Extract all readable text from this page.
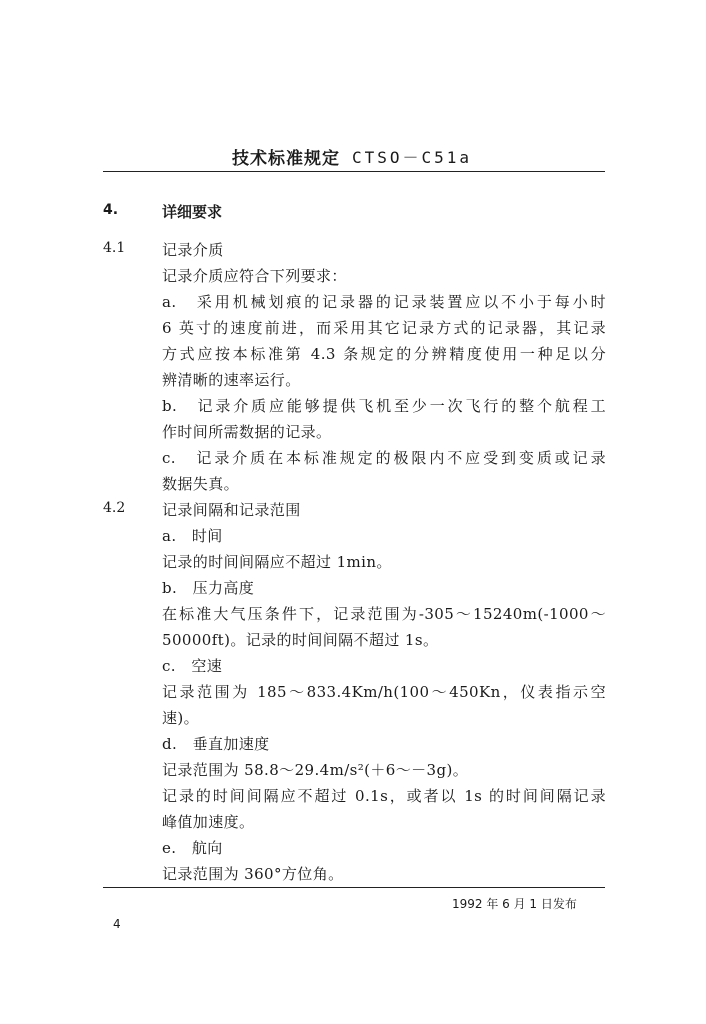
技术标准规定 CTSO－C51a
4.	详细要求
4.1 记录介质
记录介质应符合下列要求：
a.　采用机械划痕的记录器的记录装置应以不小于每小时
6 英寸的速度前进，而采用其它记录方式的记录器，其记录
方式应按本标准第 4.3 条规定的分辨精度使用一种足以分
辨清晰的速率运行。
b.　记录介质应能够提供飞机至少一次飞行的整个航程工
作时间所需数据的记录。
c.　记录介质在本标准规定的极限内不应受到变质或记录
数据失真。
4.2 记录间隔和记录范围
a.　时间
记录的时间间隔应不超过 1min。
b.　压力高度
在标准大气压条件下，记录范围为-305～15240m(-1000～
50000ft)。记录的时间间隔不超过 1s。
c.　空速
记录范围为 185～833.4Km/h(100～450Kn，仪表指示空
速)。
d.　垂直加速度
记录范围为 58.8～29.4m/s²(＋6～－3g)。
记录的时间间隔应不超过 0.1s，或者以 1s 的时间间隔记录
峰值加速度。
e.　航向
记录范围为 360°方位角。
1992 年 6 月 1 日发布
4
